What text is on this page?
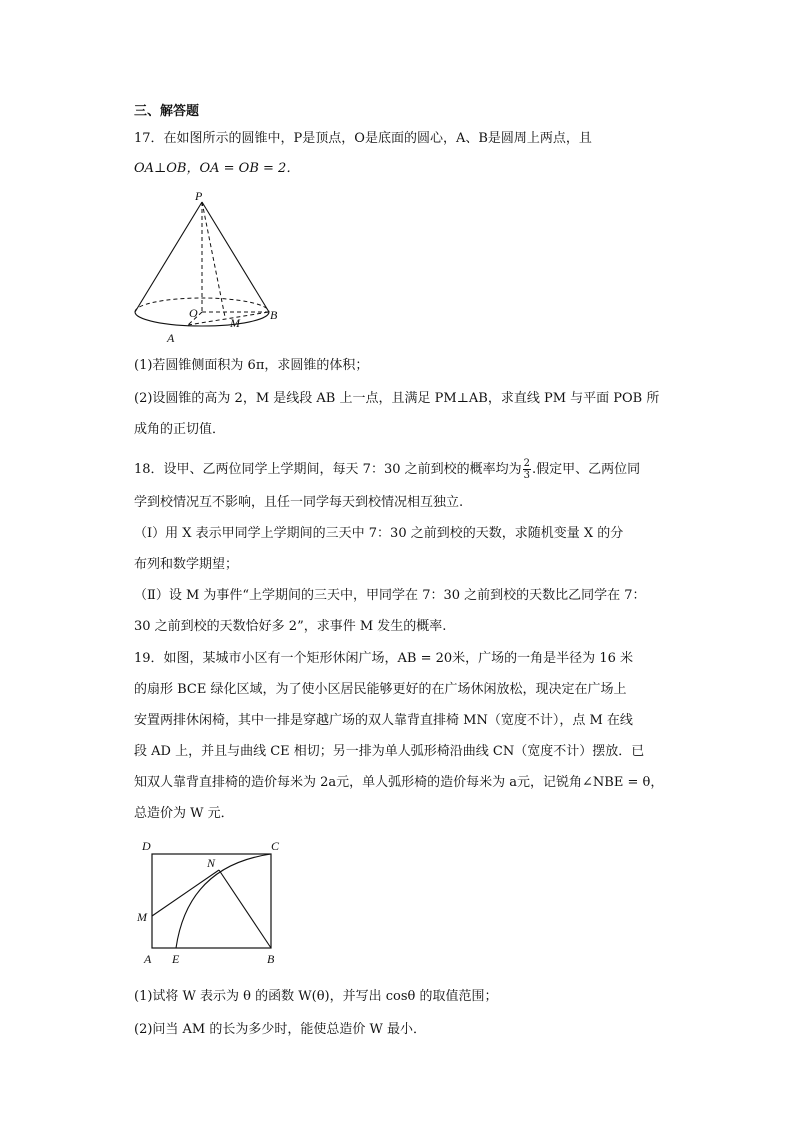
三、解答题
17．在如图所示的圆锥中，P是顶点，O是底面的圆心，A、B是圆周上两点，且
OA⊥OB，OA = OB = 2．
P
O
M
B
A
(1)若圆锥侧面积为 6π，求圆锥的体积；
(2)设圆锥的高为 2，M 是线段 AB 上一点，且满足 PM⊥AB，求直线 PM 与平面 POB 所
成角的正切值．
18．设甲、乙两位同学上学期间，每天 7：30 之前到校的概率均为 $\frac{2}{3}$ .假定甲、乙两位同
学到校情况互不影响，且任一同学每天到校情况相互独立.
（Ⅰ）用 X 表示甲同学上学期间的三天中 7：30 之前到校的天数，求随机变量 X 的分
布列和数学期望；
（Ⅱ）设 M 为事件“上学期间的三天中，甲同学在 7：30 之前到校的天数比乙同学在 7：
30 之前到校的天数恰好多 2”，求事件 M 发生的概率.
19．如图，某城市小区有一个矩形休闲广场，AB = 20米，广场的一角是半径为 16 米
的扇形 BCE 绿化区域，为了使小区居民能够更好的在广场休闲放松，现决定在广场上
安置两排休闲椅，其中一排是穿越广场的双人靠背直排椅 MN（宽度不计），点 M 在线
段 AD 上，并且与曲线 CE 相切；另一排为单人弧形椅沿曲线 CN（宽度不计）摆放．已
知双人靠背直排椅的造价每米为 2a元，单人弧形椅的造价每米为 a元，记锐角∠NBE = θ，
总造价为 W 元．
D	C
N
M
A E	B
(1)试将 W 表示为 θ 的函数 W(θ)，并写出 cosθ 的取值范围；
(2)问当 AM 的长为多少时，能使总造价 W 最小．
